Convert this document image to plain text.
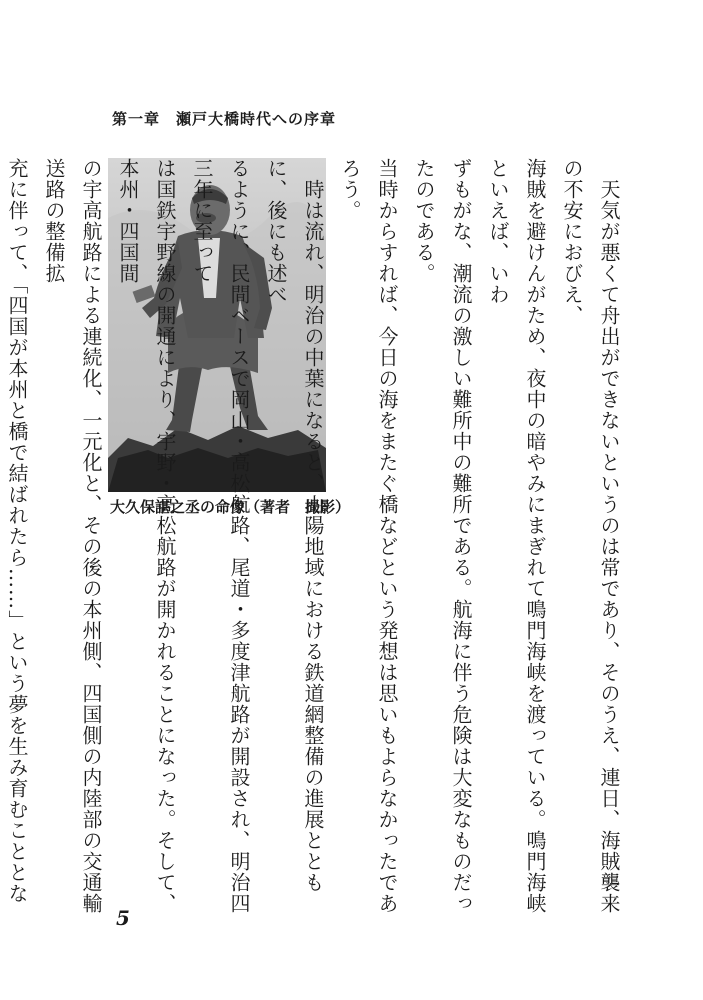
第一章　瀬戸大橋時代への序章
大久保諶之丞の命像（著者　撮影）	　天気が悪くて舟出ができないというのは常であり、そのうえ、連日、海賊襲来の不安におびえ、
海賊を避けんがため、夜中の暗やみにまぎれて鳴門海峡を渡っている。鳴門海峡といえば、いわ
ずもがな、潮流の激しい難所中の難所である。航海に伴う危険は大変なものだったのである。
当時からすれば、今日の海をまたぐ橋などという発想は思いもよらなかったであろう。

　時は流れ、明治の中葉になると、山陽地域における鉄道網整備の進展とともに、後にも述べ
るように、民間ベースで岡山・高松航路、尾道・多度津航路が開設され、明治四三年に至って
は国鉄宇野線の開通により、宇野・高松航路が開かれることになった。そして、本州・四国間
の宇高航路による連続化、一元化と、その後の本州側、四国側の内陸部の交通輸送路の整備拡
充に伴って、「四国が本州と橋で結ばれたら……」という夢を生み育むこととな

5
